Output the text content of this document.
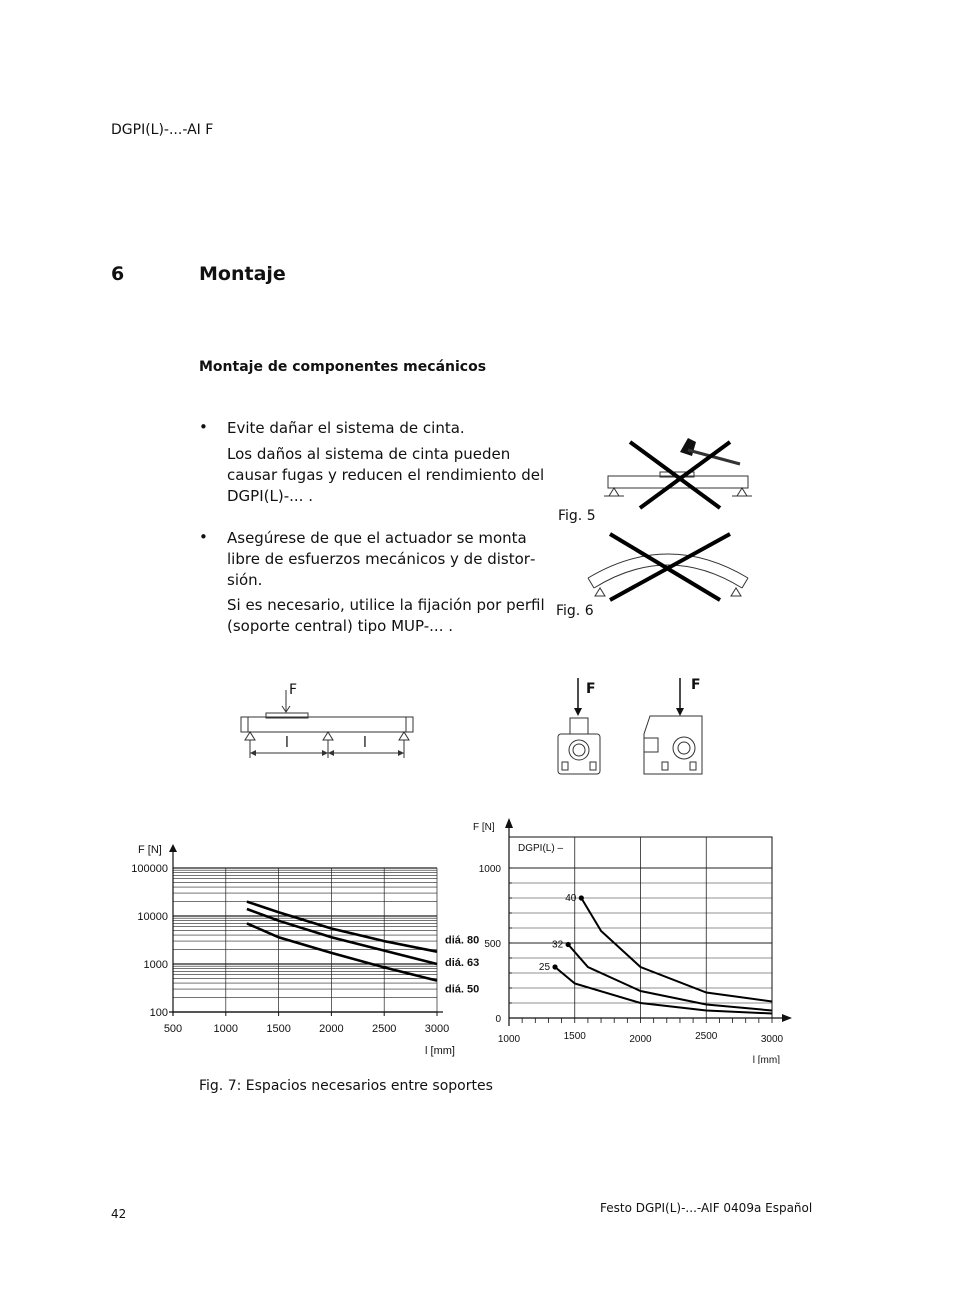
DGPI(L)-...-AI F
6	Montaje
Montaje de componentes mecánicos
• Evite dañar el sistema de cinta.
Los daños al sistema de cinta pueden causar fugas y reducen el rendimiento del DGPI(L)-... .
• Asegúrese de que el actuador se monta libre de esfuerzos mecánicos y de distorsión.
Si es necesario, utilice la fijación por perfil (soporte central) tipo MUP-... .
Fig. 5
Fig. 6
F
l	l
F	F
500	1000	1500	2000	2500	3000
100000
10000
1000
100
F [N]
l [mm]
diá. 80
diá. 63
diá. 50
1000	1500	2000	2500	3000
1000
500
0
F [N]
l [mm]
DGPI(L) –
40
32
25
Fig. 7: Espacios necesarios entre soportes
42	Festo DGPI(L)-...-AIF 0409a Español
